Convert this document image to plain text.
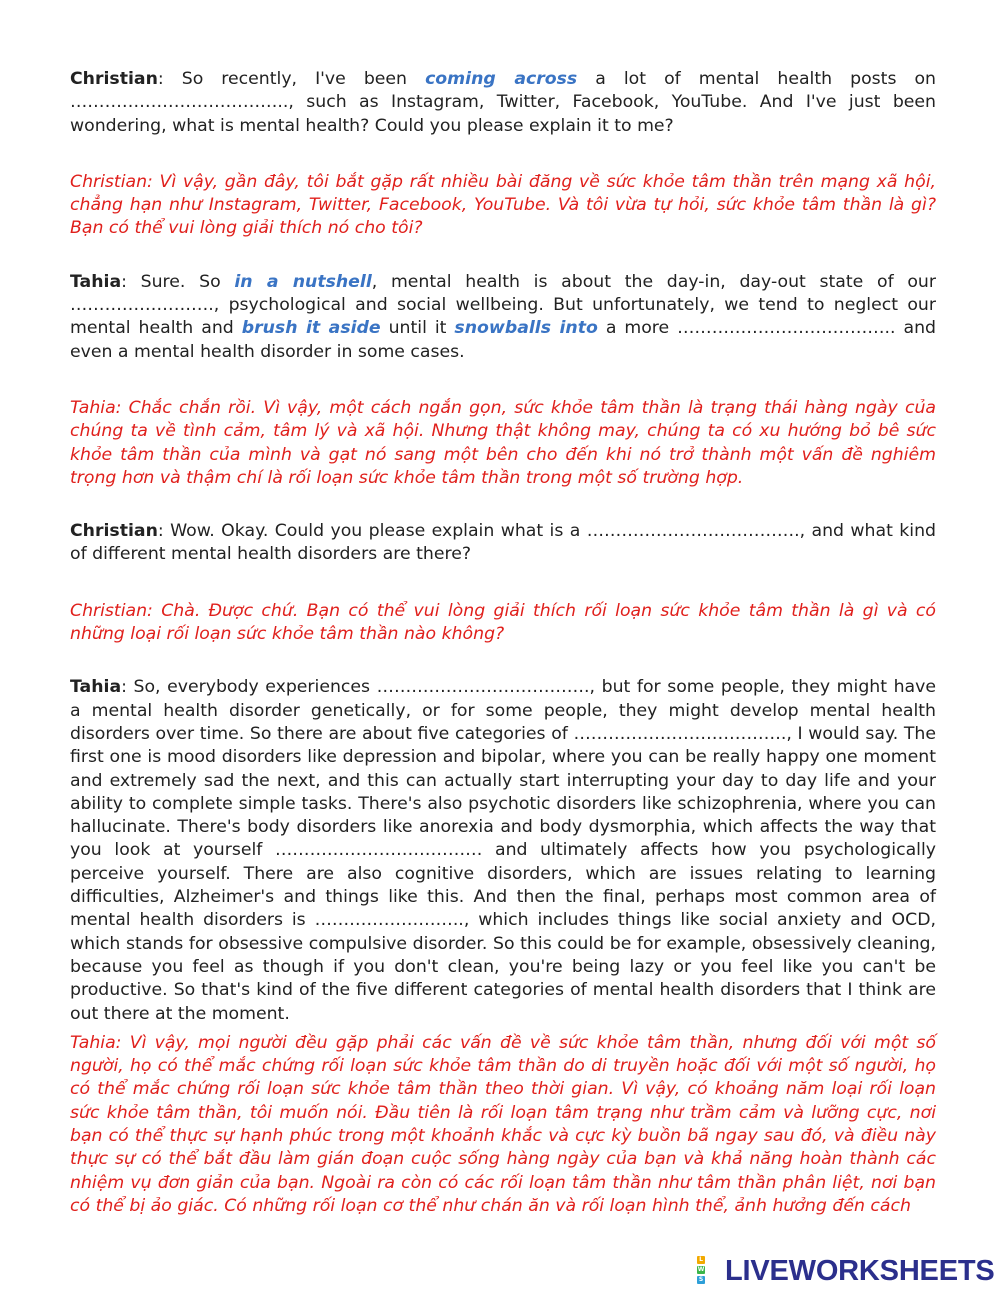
Christian: So recently, I've been coming across a lot of mental health posts on ……………………………….., such as Instagram, Twitter, Facebook, YouTube. And I've just been wondering, what is mental health? Could you please explain it to me?

Christian: Vì vậy, gần đây, tôi bắt gặp rất nhiều bài đăng về sức khỏe tâm thần trên mạng xã hội, chẳng hạn như Instagram, Twitter, Facebook, YouTube. Và tôi vừa tự hỏi, sức khỏe tâm thần là gì? Bạn có thể vui lòng giải thích nó cho tôi?

Tahia: Sure. So in a nutshell, mental health is about the day-in, day-out state of our ……………………., psychological and social wellbeing. But unfortunately, we tend to neglect our mental health and brush it aside until it snowballs into a more ……………………………….. and even a mental health disorder in some cases.

Tahia: Chắc chắn rồi. Vì vậy, một cách ngắn gọn, sức khỏe tâm thần là trạng thái hàng ngày của chúng ta về tình cảm, tâm lý và xã hội. Nhưng thật không may, chúng ta có xu hướng bỏ bê sức khỏe tâm thần của mình và gạt nó sang một bên cho đến khi nó trở thành một vấn đề nghiêm trọng hơn và thậm chí là rối loạn sức khỏe tâm thần trong một số trường hợp.

Christian: Wow. Okay. Could you please explain what is a ………………………………., and what kind of different mental health disorders are there?

Christian: Chà. Được chứ. Bạn có thể vui lòng giải thích rối loạn sức khỏe tâm thần là gì và có những loại rối loạn sức khỏe tâm thần nào không?

Tahia: So, everybody experiences ………………………………., but for some people, they might have a mental health disorder genetically, or for some people, they might develop mental health disorders over time. So there are about five categories of ………………………………., I would say. The first one is mood disorders like depression and bipolar, where you can be really happy one moment and extremely sad the next, and this can actually start interrupting your day to day life and your ability to complete simple tasks. There's also psychotic disorders like schizophrenia, where you can hallucinate. There's body disorders like anorexia and body dysmorphia, which affects the way that you look at yourself ……………………………… and ultimately affects how you psychologically perceive yourself. There are also cognitive disorders, which are issues relating to learning difficulties, Alzheimer's and things like this. And then the final, perhaps most common area of mental health disorders is …………………….., which includes things like social anxiety and OCD, which stands for obsessive compulsive disorder. So this could be for example, obsessively cleaning, because you feel as though if you don't clean, you're being lazy or you feel like you can't be productive. So that's kind of the five different categories of mental health disorders that I think are out there at the moment.

Tahia: Vì vậy, mọi người đều gặp phải các vấn đề về sức khỏe tâm thần, nhưng đối với một số người, họ có thể mắc chứng rối loạn sức khỏe tâm thần do di truyền hoặc đối với một số người, họ có thể mắc chứng rối loạn sức khỏe tâm thần theo thời gian. Vì vậy, có khoảng năm loại rối loạn sức khỏe tâm thần, tôi muốn nói. Đầu tiên là rối loạn tâm trạng như trầm cảm và lưỡng cực, nơi bạn có thể thực sự hạnh phúc trong một khoảnh khắc và cực kỳ buồn bã ngay sau đó, và điều này thực sự có thể bắt đầu làm gián đoạn cuộc sống hàng ngày của bạn và khả năng hoàn thành các nhiệm vụ đơn giản của bạn. Ngoài ra còn có các rối loạn tâm thần như tâm thần phân liệt, nơi bạn có thể bị ảo giác. Có những rối loạn cơ thể như chán ăn và rối loạn hình thể, ảnh hưởng đến cách

L
W
S LIVEWORKSHEETS
